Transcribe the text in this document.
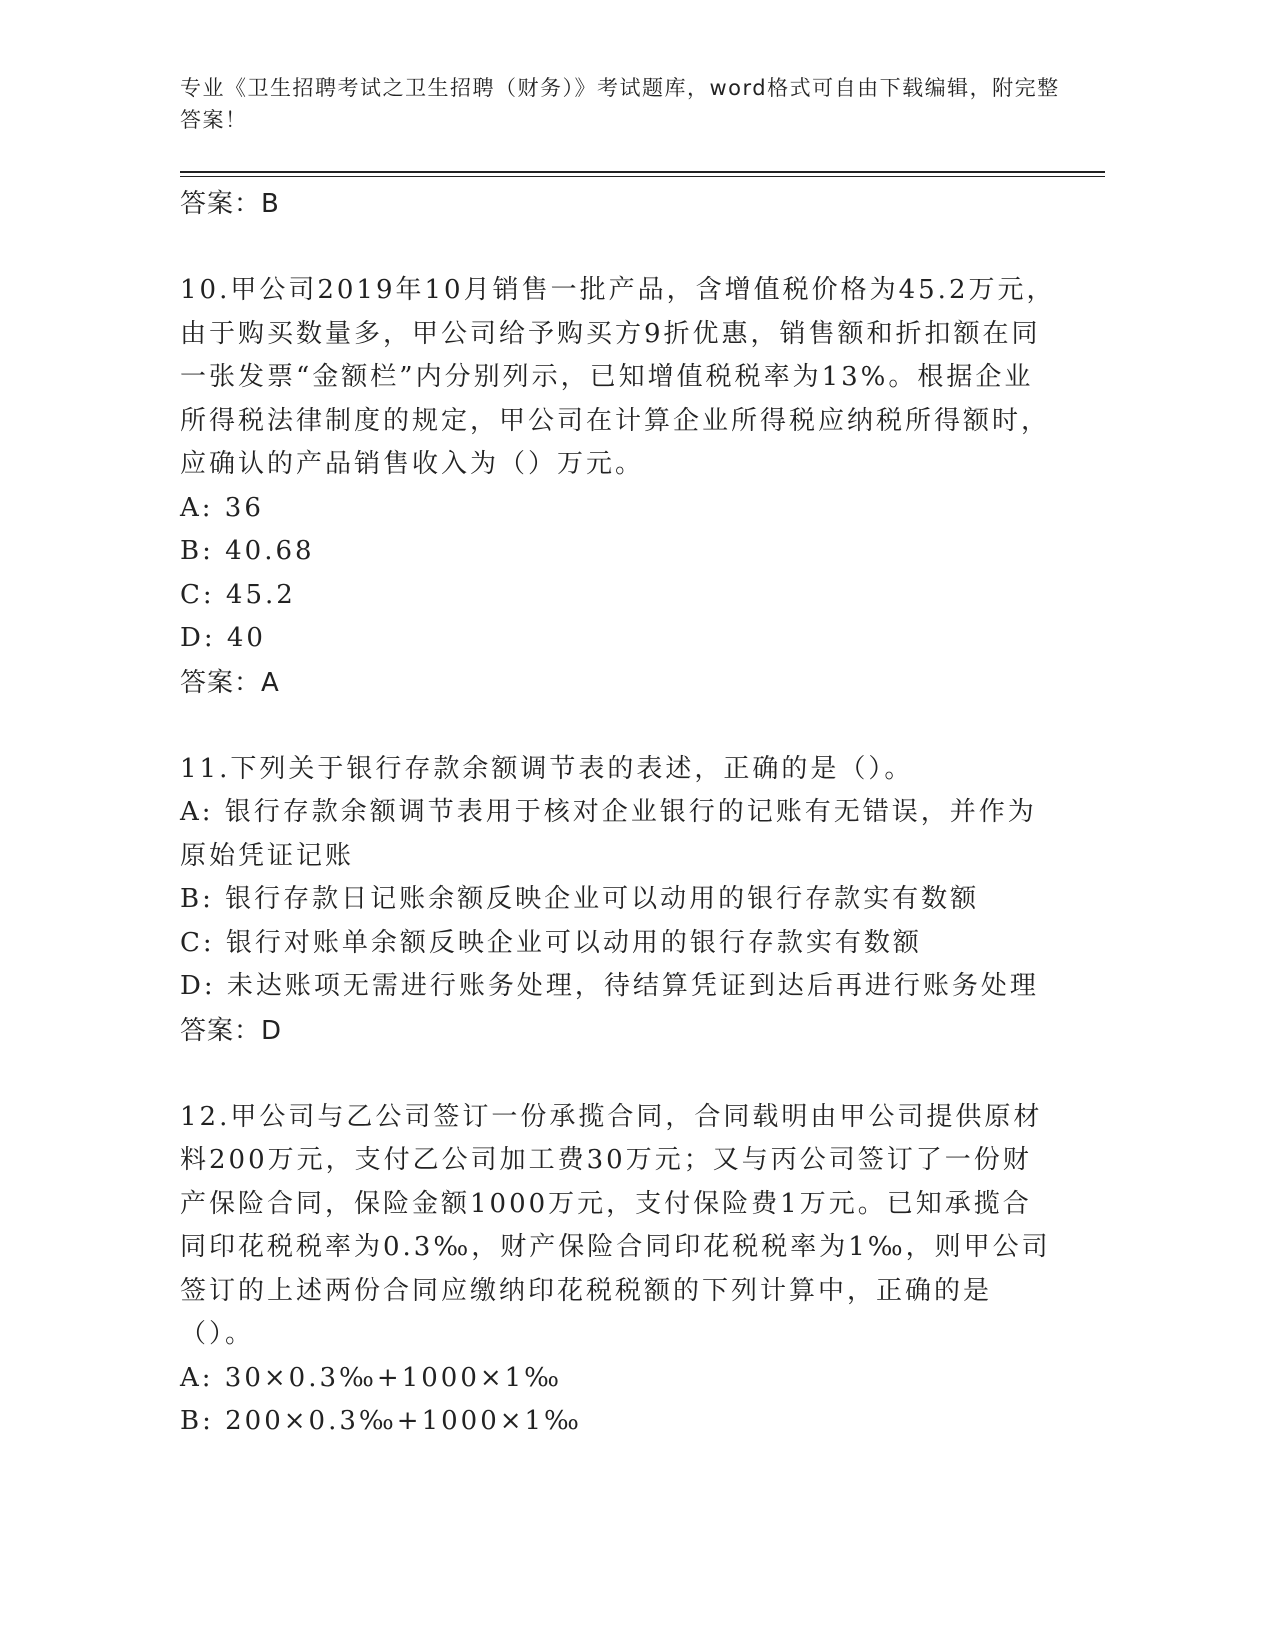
专业《卫生招聘考试之卫生招聘（财务）》考试题库，word格式可自由下载编辑，附完整答案！

答案：B

10.甲公司2019年10月销售一批产品，含增值税价格为45.2万元，由于购买数量多，甲公司给予购买方9折优惠，销售额和折扣额在同一张发票“金额栏”内分别列示，已知增值税税率为13%。根据企业所得税法律制度的规定，甲公司在计算企业所得税应纳税所得额时，应确认的产品销售收入为（）万元。

A: 36

B: 40.68

C: 45.2

D: 40

答案：A

11.下列关于银行存款余额调节表的表述，正确的是（）。

A: 银行存款余额调节表用于核对企业银行的记账有无错误，并作为原始凭证记账

B: 银行存款日记账余额反映企业可以动用的银行存款实有数额

C: 银行对账单余额反映企业可以动用的银行存款实有数额

D: 未达账项无需进行账务处理，待结算凭证到达后再进行账务处理

答案：D

12.甲公司与乙公司签订一份承揽合同，合同载明由甲公司提供原材料200万元，支付乙公司加工费30万元；又与丙公司签订了一份财产保险合同，保险金额1000万元，支付保险费1万元。已知承揽合同印花税税率为0.3‰，财产保险合同印花税税率为1‰，则甲公司签订的上述两份合同应缴纳印花税税额的下列计算中，正确的是（）。

A: 30×0.3‰+1000×1‰

B: 200×0.3‰+1000×1‰
